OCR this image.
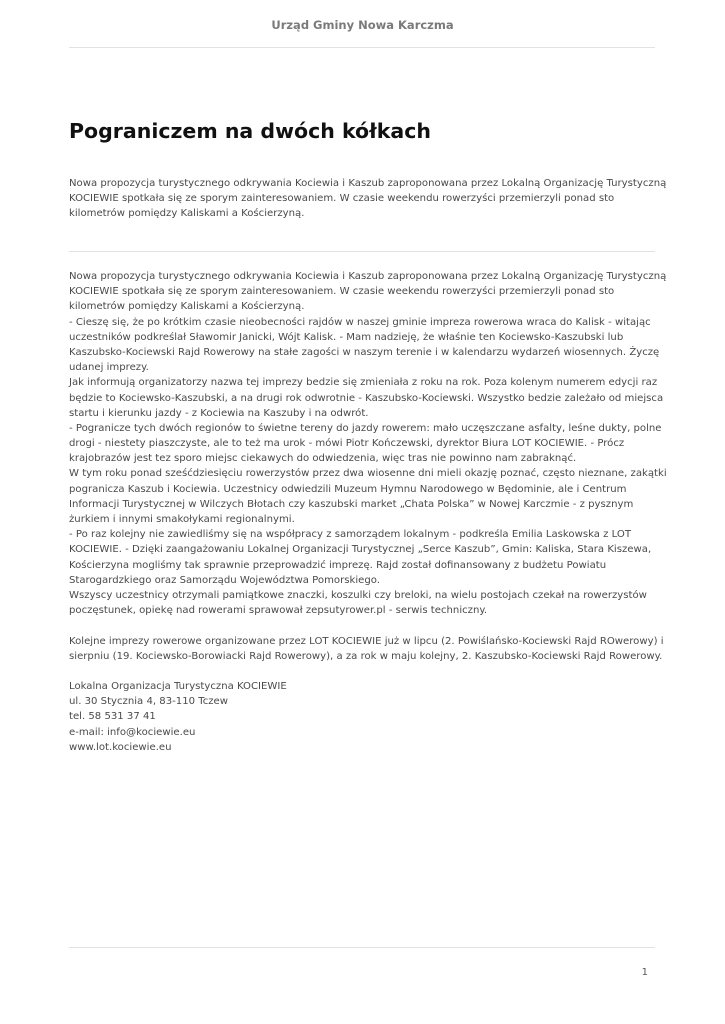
Urząd Gminy Nowa Karczma
Pograniczem na dwóch kółkach

Nowa propozycja turystycznego odkrywania Kociewia i Kaszub zaproponowana przez Lokalną Organizację Turystyczną KOCIEWIE spotkała się ze sporym zainteresowaniem. W czasie weekendu rowerzyści przemierzyli ponad sto kilometrów pomiędzy Kaliskami a Kościerzyną.

Nowa propozycja turystycznego odkrywania Kociewia i Kaszub zaproponowana przez Lokalną Organizację Turystyczną
KOCIEWIE spotkała się ze sporym zainteresowaniem. W czasie weekendu rowerzyści przemierzyli ponad sto
kilometrów pomiędzy Kaliskami a Kościerzyną.
- Cieszę się, że po krótkim czasie nieobecności rajdów w naszej gminie impreza rowerowa wraca do Kalisk - witając
uczestników podkreślał Sławomir Janicki, Wójt Kalisk. - Mam nadzieję, że właśnie ten Kociewsko-Kaszubski lub
Kaszubsko-Kociewski Rajd Rowerowy na stałe zagości w naszym terenie i w kalendarzu wydarzeń wiosennych. Życzę
udanej imprezy.
Jak informują organizatorzy nazwa tej imprezy bedzie się zmieniała z roku na rok. Poza kolenym numerem edycji raz
będzie to Kociewsko-Kaszubski, a na drugi rok odwrotnie - Kaszubsko-Kociewski. Wszystko bedzie zależało od miejsca
startu i kierunku jazdy - z Kociewia na Kaszuby i na odwrót.
- Pogranicze tych dwóch regionów to świetne tereny do jazdy rowerem: mało uczęszczane asfalty, leśne dukty, polne
drogi - niestety piaszczyste, ale to też ma urok - mówi Piotr Kończewski, dyrektor Biura LOT KOCIEWIE. - Prócz
krajobrazów jest tez sporo miejsc ciekawych do odwiedzenia, więc tras nie powinno nam zabraknąć.
W tym roku ponad sześćdziesięciu rowerzystów przez dwa wiosenne dni mieli okazję poznać, często nieznane, zakątki
pogranicza Kaszub i Kociewia. Uczestnicy odwiedzili Muzeum Hymnu Narodowego w Będominie, ale i Centrum
Informacji Turystycznej w Wilczych Błotach czy kaszubski market „Chata Polska” w Nowej Karczmie - z pysznym
żurkiem i innymi smakołykami regionalnymi.
- Po raz kolejny nie zawiedliśmy się na współpracy z samorządem lokalnym - podkreśla Emilia Laskowska z LOT
KOCIEWIE. - Dzięki zaangażowaniu Lokalnej Organizacji Turystycznej „Serce Kaszub”, Gmin: Kaliska, Stara Kiszewa,
Kościerzyna mogliśmy tak sprawnie przeprowadzić imprezę. Rajd został dofinansowany z budżetu Powiatu
Starogardzkiego oraz Samorządu Województwa Pomorskiego.
Wszyscy uczestnicy otrzymali pamiątkowe znaczki, koszulki czy breloki, na wielu postojach czekał na rowerzystów
poczęstunek, opiekę nad rowerami sprawował zepsutyrower.pl - serwis techniczny.
Kolejne imprezy rowerowe organizowane przez LOT KOCIEWIE już w lipcu (2. Powiślańsko-Kociewski Rajd ROwerowy) i
sierpniu (19. Kociewsko-Borowiacki Rajd Rowerowy), a za rok w maju kolejny, 2. Kaszubsko-Kociewski Rajd Rowerowy.
Lokalna Organizacja Turystyczna KOCIEWIE
ul. 30 Stycznia 4, 83-110 Tczew
tel. 58 531 37 41
e-mail: info@kociewie.eu
www.lot.kociewie.eu
1
